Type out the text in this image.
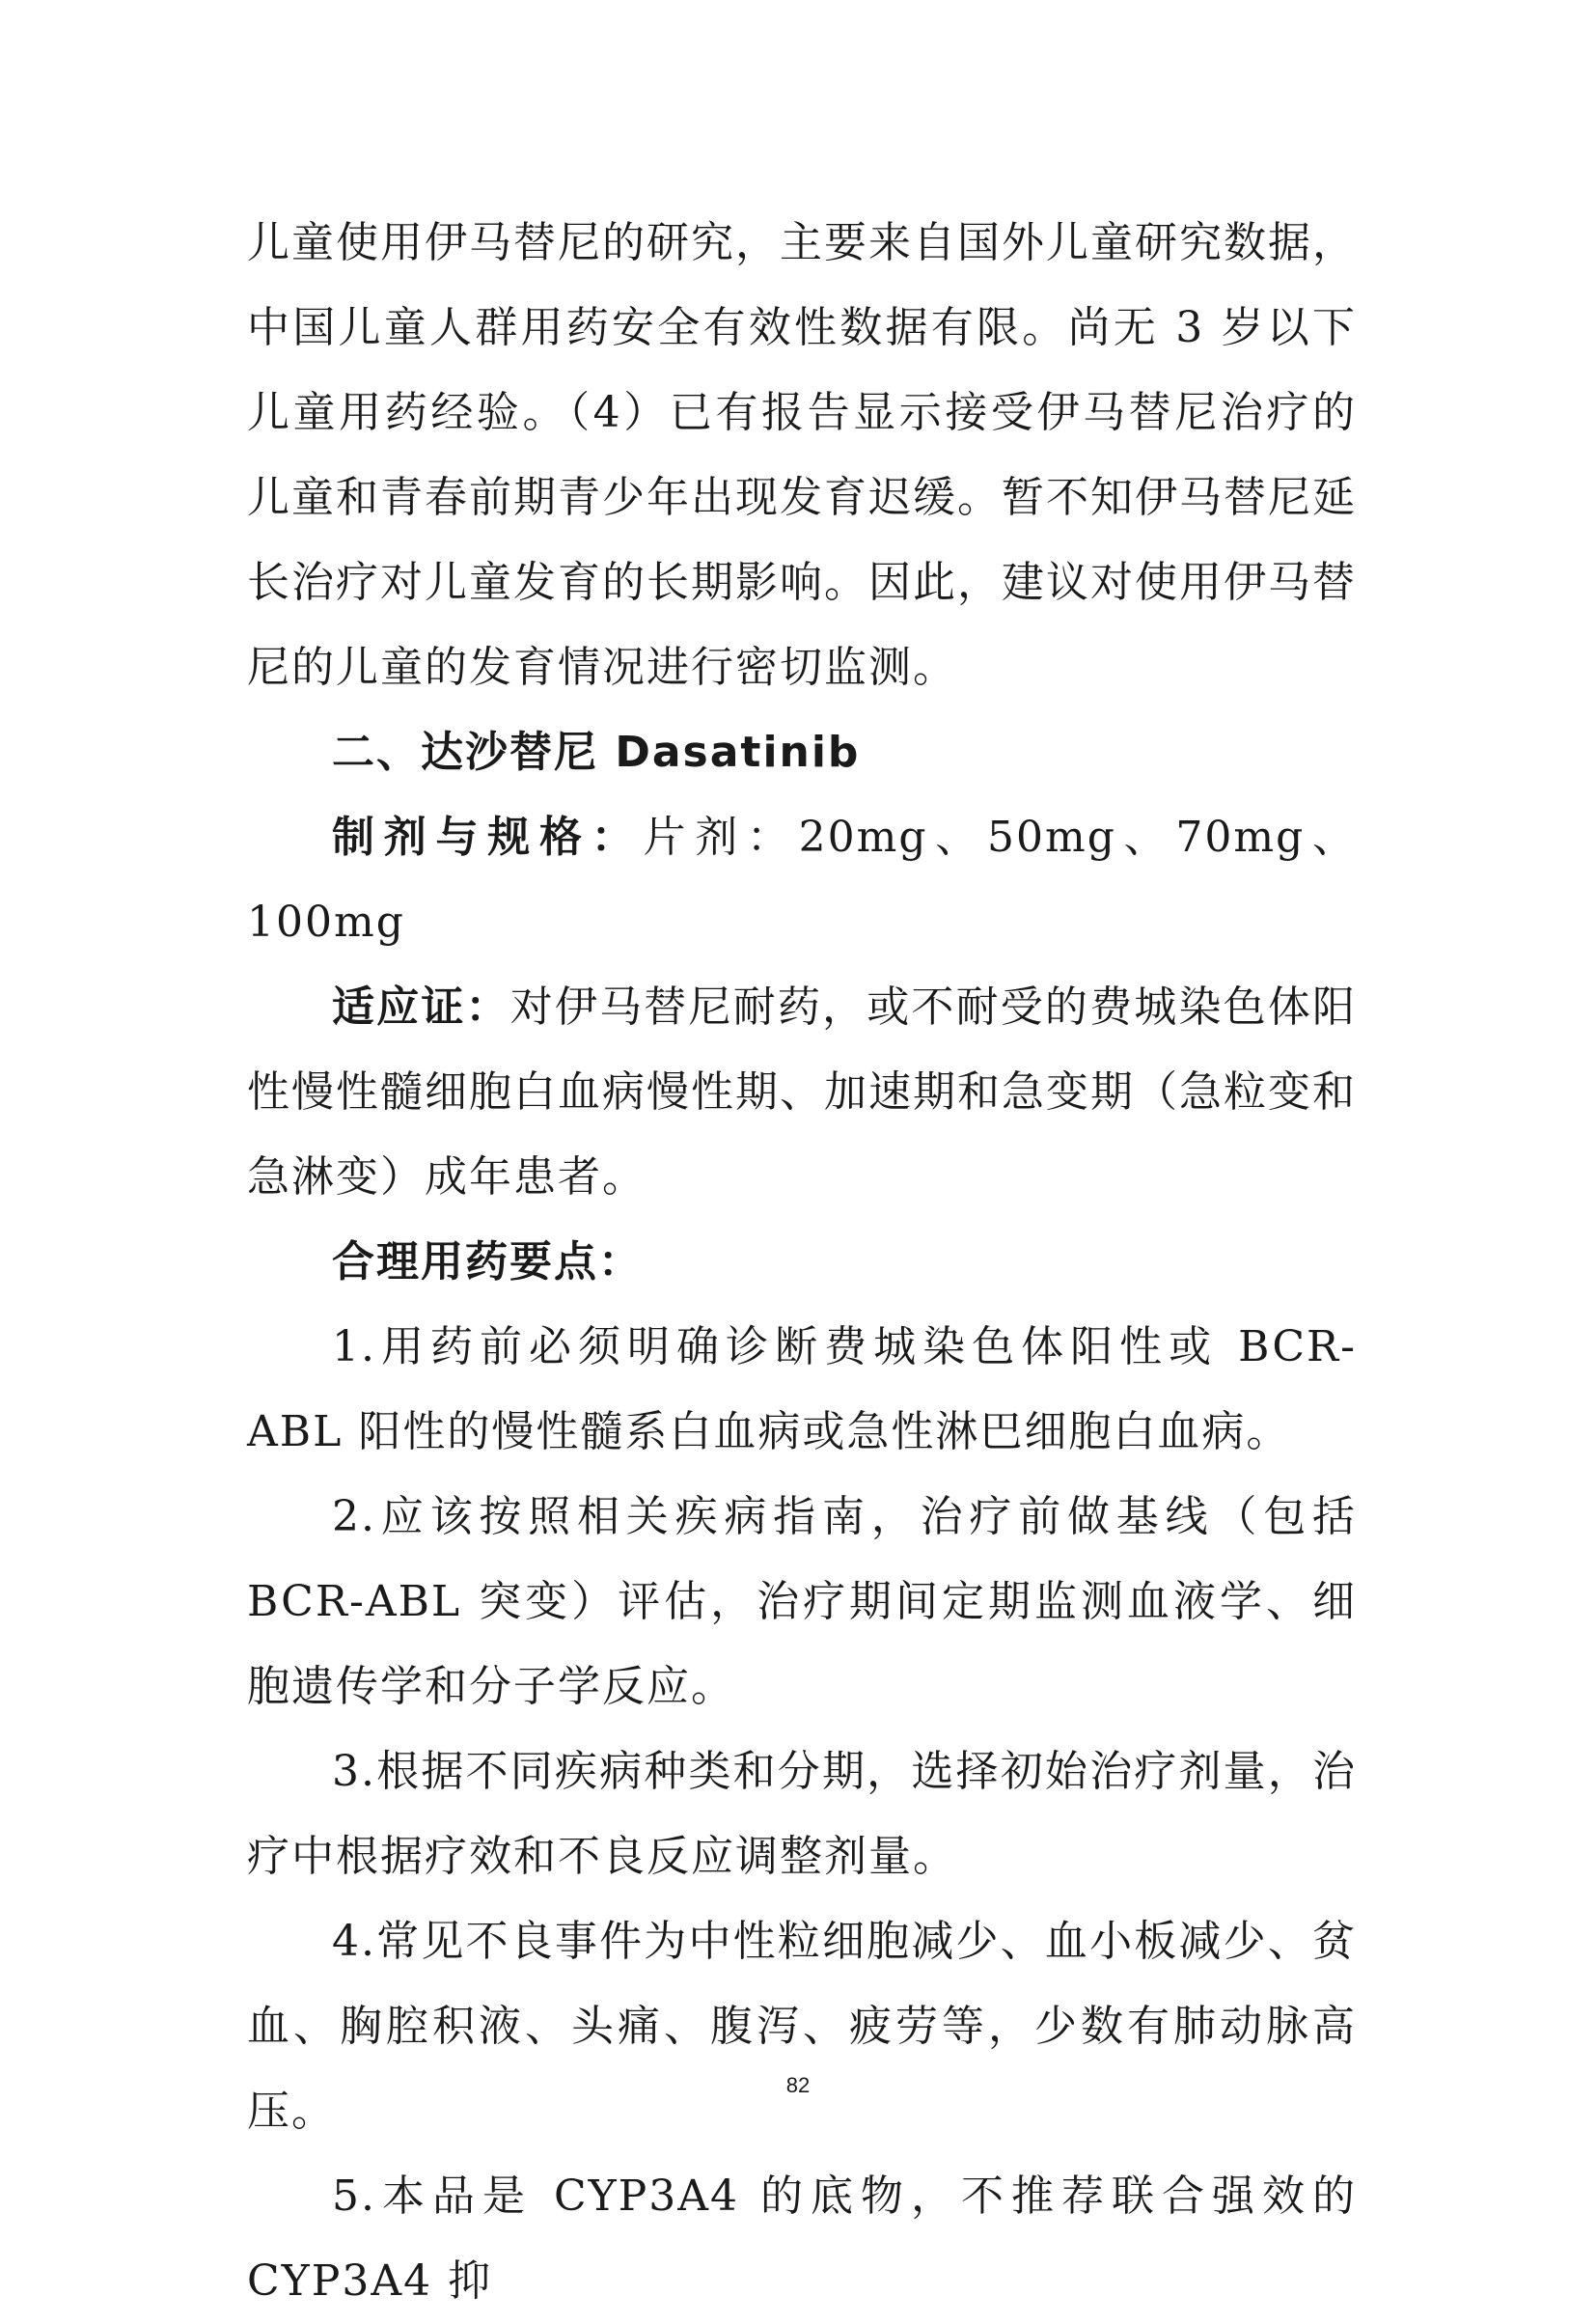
儿童使用伊马替尼的研究，主要来自国外儿童研究数据，中国儿童人群用药安全有效性数据有限。尚无 3 岁以下儿童用药经验。（4）已有报告显示接受伊马替尼治疗的儿童和青春前期青少年出现发育迟缓。暂不知伊马替尼延长治疗对儿童发育的长期影响。因此，建议对使用伊马替尼的儿童的发育情况进行密切监测。

二、达沙替尼 Dasatinib

制剂与规格：片剂：20mg、50mg、70mg、100mg

适应证：对伊马替尼耐药，或不耐受的费城染色体阳性慢性髓细胞白血病慢性期、加速期和急变期（急粒变和急淋变）成年患者。

合理用药要点：

1.用药前必须明确诊断费城染色体阳性或 BCR-ABL 阳性的慢性髓系白血病或急性淋巴细胞白血病。

2.应该按照相关疾病指南，治疗前做基线（包括 BCR-ABL 突变）评估，治疗期间定期监测血液学、细胞遗传学和分子学反应。

3.根据不同疾病种类和分期，选择初始治疗剂量，治疗中根据疗效和不良反应调整剂量。

4.常见不良事件为中性粒细胞减少、血小板减少、贫血、胸腔积液、头痛、腹泻、疲劳等，少数有肺动脉高压。

5.本品是 CYP3A4 的底物，不推荐联合强效的 CYP3A4 抑

82
